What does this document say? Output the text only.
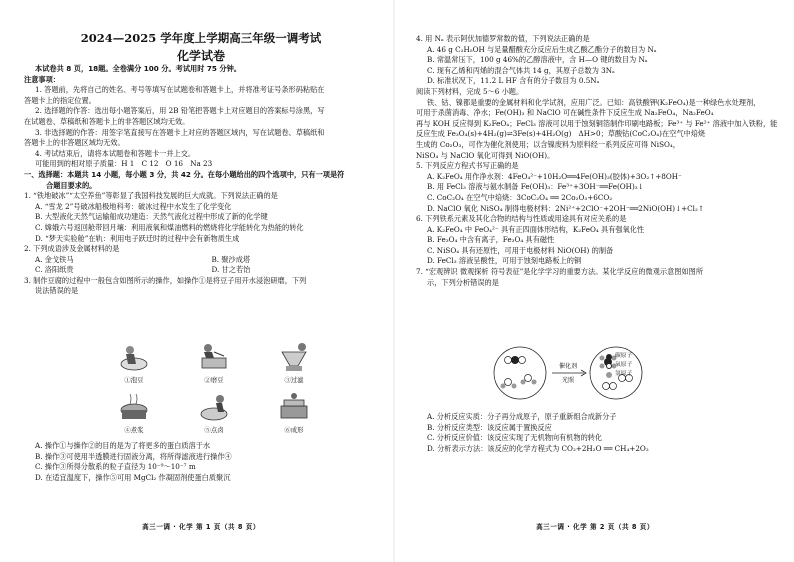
2024—2025 学年度上学期高三年级一调考试
化学试卷

本试卷共 8 页，18题。全卷满分 100 分。考试用时 75 分钟。

注意事项：

1. 答题前，先将自己的姓名、考号等填写在试题卷和答题卡上，并将准考证号条形码粘贴在

答题卡上的指定位置。

2. 选择题的作答：选出每小题答案后，用 2B 铅笔把答题卡上对应题目的答案标号涂黑，写

在试题卷、草稿纸和答题卡上的非答题区域均无效。

3. 非选择题的作答：用签字笔直接写在答题卡上对应的答题区域内，写在试题卷、草稿纸和

答题卡上的非答题区域均无效。

4. 考试结束后，请将本试题卷和答题卡一并上交。

可能用到的相对原子质量：H 1　C 12　O 16　Na 23

一、选择题：本题共 14 小题，每小题 3 分，共 42 分。在每小题给出的四个选项中，只有一项是符

合题目要求的。

1. “铁地破冰”“太空养鱼”等彰显了我国科技发展的巨大成就。下列说法正确的是

A. “雪龙 2”号破冰船极地科考：破冰过程中水发生了化学变化

B. 大型液化天然气运输船成功建造：天然气液化过程中形成了新的化学键

C. 嫦娥六号返回舱带回月壤：利用液氧和煤油燃料的燃烧将化学能转化为热能的转化

D. “梦天实验舱”在轨：利用电子跃迁时的过程中会有新物质生成

2. 下列成语涉及金属材料的是

A. 金戈铁马	B. 聚沙成塔

C. 洛阳纸贵	D. 甘之若饴

3. 制作豆腐的过程中一般包含如图所示的操作，如操作①是将豆子用开水浸泡研磨，下列

说法错误的是

①泡豆	②磨豆	③过滤
④煮浆	⑤点卤	⑥成形

A. 操作①与操作②的目的是为了将更多的蛋白质溶于水

B. 操作③可使用半透膜进行固液分离，将所得滤液进行操作④

C. 操作③所得分散系的粒子直径为 10⁻⁹～10⁻⁷ m

D. 在适宜温度下，操作⑤可用 MgCl₂ 作凝固剂使蛋白质聚沉

高三一调 · 化学 第 1 页（共 8 页）

4. 用 Nₐ 表示阿伏加德罗常数的值，下列说法正确的是

A. 46 g C₂H₅OH 与足量醋酸充分反应后生成乙酸乙酯分子的数目为 Nₐ

B. 常温常压下，100 g 46%的乙醇溶液中，含 H—O 键的数目为 Nₐ

C. 现有乙烯和丙烯的混合气体共 14 g，其原子总数为 3Nₐ

D. 标准状况下，11.2 L HF 含有的分子数目为 0.5Nₐ

阅读下列材料，完成 5～6 小题。

铁、钴、镍都是重要的金属材料和化学试剂，应用广泛。已知：高铁酸钾(K₂FeO₄)是一种绿色水处理剂，

可用于杀菌消毒、净水；Fe(OH)₃ 和 NaClO 可在碱性条件下反应生成 Na₂FeO₄，Na₂FeO₄

再与 KOH 反应得到 K₂FeO₄；FeCl₃ 溶液可以用于蚀刻铜箔制作印刷电路板；Fe³⁺ 与 Fe²⁺ 溶液中加入铁粉，能

反应生成 Fe₃O₄(s)+4H₂(g)⇌3Fe(s)+4H₂O(g)　ΔH>0；草酸钴(CoC₂O₄)在空气中焙烧

生成的 Co₂O₃，可作为催化剂使用；以含镍废料为原料经一系列反应可得 NiSO₄，

NiSO₄ 与 NaClO 氧化可得到 NiO(OH)。

5. 下列反应方程式书写正确的是

A. K₂FeO₄ 用作净水剂：4FeO₄²⁻+10H₂O══4Fe(OH)₃(胶体)+3O₂↑+8OH⁻

B. 用 FeCl₃ 溶液与氨水制备 Fe(OH)₃：Fe³⁺+3OH⁻══Fe(OH)₃↓

C. CoC₂O₄ 在空气中焙烧：3CoC₂O₄ ══ 2Co₂O₃+6CO₂

D. NaClO 氧化 NiSO₄ 制得电极材料：2Ni²⁺+2ClO⁻+2OH⁻══2NiO(OH)↓+Cl₂↑

6. 下列铁系元素及其化合物的结构与性质或用途具有对应关系的是

A. K₂FeO₄ 中 FeO₄²⁻ 具有正四面体形结构，K₂FeO₄ 具有强氧化性

B. Fe₃O₄ 中含有离子，Fe₃O₄ 具有磁性

C. NiSO₄ 具有还原性，可用于电极材料 NiO(OH) 的制备

D. FeCl₃ 溶液呈酸性，可用于蚀刻电路板上的铜

7. “宏观辨识 微观探析 符号表征”是化学学习的重要方法。某化学反应的微观示意图如图所

示，下列分析错误的是

高三一调 · 化学 第 2 页（共 8 页）
催化剂
光照
碳原子
氧原子
氢原子

A. 分析反应实质：分子再分成原子，原子重新组合成新分子

B. 分析反应类型：该反应属于置换反应

C. 分析反应价值：该反应实现了无机物向有机物的转化

D. 分析表示方法：该反应的化学方程式为 CO₂+2H₂O ══ CH₄+2O₂
